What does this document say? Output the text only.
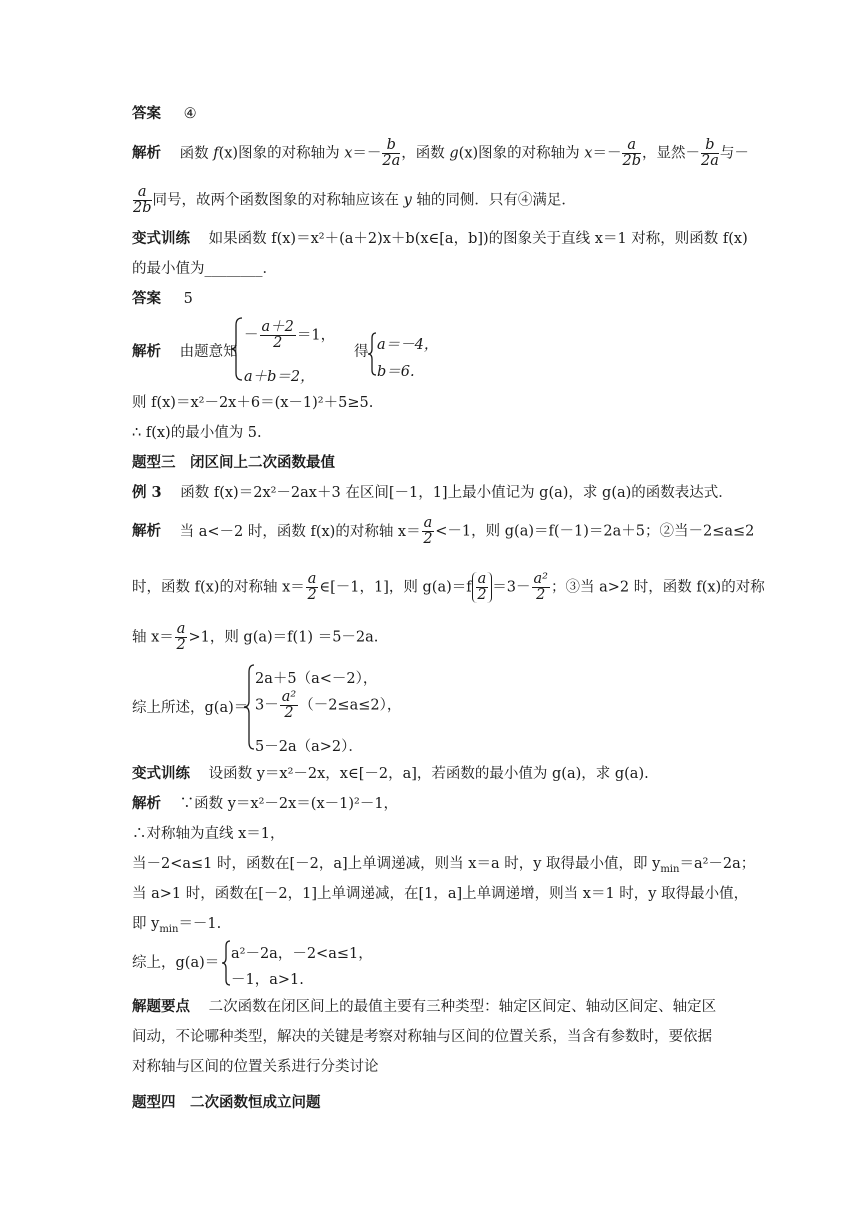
答案 ④
解析 函数 f(x)图象的对称轴为 $x=- \frac{b}{2a}$ ，函数 g(x)图象的对称轴为 $x=- \frac{a}{2b}$ ，显然－ $\frac{b}{2a}$ 与－
$\frac{a}{2b}$ 同号，故两个函数图象的对称轴应该在 y 轴的同侧．只有④满足．
变式训练 如果函数 f(x)＝x²＋(a＋2)x＋b(x∈[a，b])的图象关于直线 x＝1 对称，则函数 f(x)
的最小值为________．
答案 5
解析 由题意知
－ $\frac{a+2}{2} =1$，
a＋b＝2，
得 a＝－4，
b＝6.
则 f(x)＝x²－2x＋6＝(x－1)²＋5≥5.
∴ f(x)的最小值为 5.
题型三　闭区间上二次函数最值
例 3 函数 f(x)＝2x²－2ax＋3 在区间[－1，1]上最小值记为 g(a)，求 g(a)的函数表达式．
解析 当 a<－2 时，函数 f(x)的对称轴 $x= \frac{a}{2} <-1$，则 g(a)＝f(－1)＝2a＋5；②当－2≤a≤2
时，函数 f(x)的对称轴 $x= \frac{a}{2}$ ∈[－1，1]，则 $g(a)=f \frac{a}{2} =3- \frac{\text{a²}}{2}$ ；③当 a>2 时，函数 f(x)的对称
轴 $x= \frac{a}{2} >1$，则 g(a)＝f(1) ＝5－2a.
综上所述，g(a)＝
2a＋5（a<－2），
$3- \frac{\text{a²}}{2} (-2\le a\le 2)$，
5－2a（a>2）．
变式训练 设函数 y＝x²－2x，x∈[－2，a]，若函数的最小值为 g(a)，求 g(a).
解析 ∵函数 y＝x²－2x＝(x－1)²－1，
∴对称轴为直线 x＝1，
当－2<a≤1 时，函数在[－2，a]上单调递减，则当 x＝a 时，y 取得最小值，即 $y_{min}=a^2-2a$；
当 a>1 时，函数在[－2，1]上单调递减，在[1，a]上单调递增，则当 x＝1 时，y 取得最小值，
即 $y_{min}=-1$.
综上，g(a)＝
a²－2a，－2<a≤1，
－1，a>1.
解题要点 二次函数在闭区间上的最值主要有三种类型：轴定区间定、轴动区间定、轴定区
间动，不论哪种类型，解决的关键是考察对称轴与区间的位置关系，当含有参数时，要依据
对称轴与区间的位置关系进行分类讨论
题型四　二次函数恒成立问题
